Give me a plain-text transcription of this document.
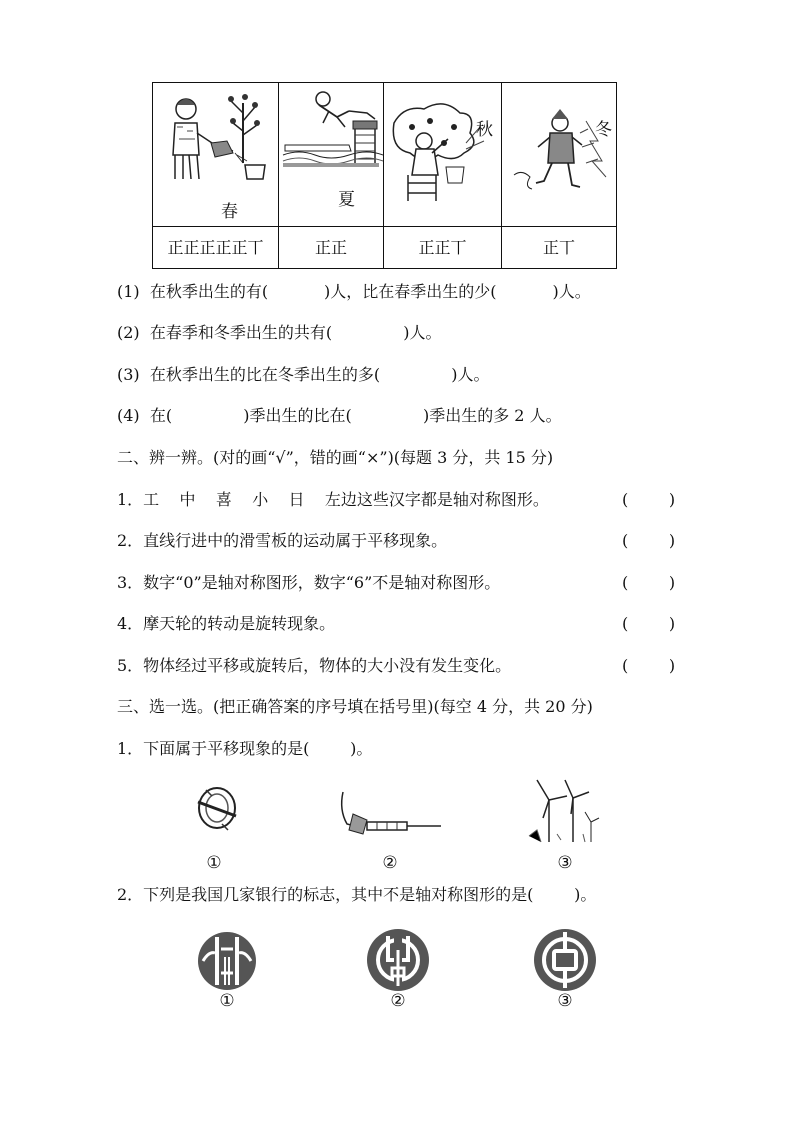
春	夏	秋	冬

正正正正正丅	正正	正正丅	正丅
(1)  在秋季出生的有(           )人，比在春季出生的少(           )人。
(2)  在春季和冬季出生的共有(              )人。
(3)  在秋季出生的比在冬季出生的多(              )人。
(4)  在(              )季出生的比在(              )季出生的多 2 人。
二、辨一辨。(对的画“√”，错的画“×”)(每题 3 分，共 15 分)
1．工    中    喜    小    日    左边这些汉字都是轴对称图形。	(        )
2．直线行进中的滑雪板的运动属于平移现象。	(        )
3．数字“0”是轴对称图形，数字“6”不是轴对称图形。	(        )
4．摩天轮的转动是旋转现象。	(        )
5．物体经过平移或旋转后，物体的大小没有发生变化。	(        )
三、选一选。(把正确答案的序号填在括号里)(每空 4 分，共 20 分)
1．下面属于平移现象的是(        )。
①	②	③
2．下列是我国几家银行的标志，其中不是轴对称图形的是(        )。
①	②	③
